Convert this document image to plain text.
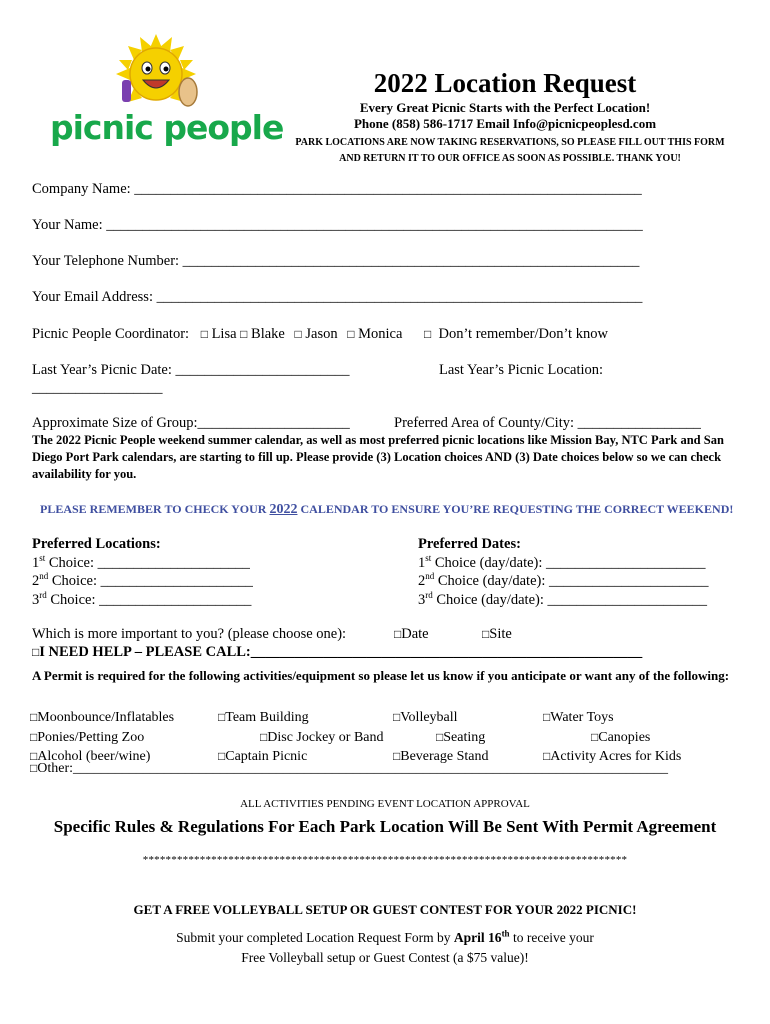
picnic people
2022 Location Request
Every Great Picnic Starts with the Perfect Location!
Phone (858) 586-1717 Email Info@picnicpeoplesd.com
PARK LOCATIONS ARE NOW TAKING RESERVATIONS, SO PLEASE FILL OUT THIS FORM
AND RETURN IT TO OUR OFFICE AS SOON AS POSSIBLE. THANK YOU!
Company Name: ______________________________________________________________________
Your Name: __________________________________________________________________________
Your Telephone Number: _______________________________________________________________
Your Email Address: ___________________________________________________________________
Picnic People Coordinator: □ Lisa □ Blake □ Jason □ Monica □ Don’t remember/Don’t know
Last Year’s Picnic Date: ________________________	Last Year’s Picnic Location:
__________________
Approximate Size of Group:_____________________	Preferred Area of County/City: _________________
The 2022 Picnic People weekend summer calendar, as well as most preferred picnic locations like Mission Bay, NTC Park and San Diego Port Park calendars, are starting to fill up. Please provide (3) Location choices AND (3) Date choices below so we can check availability for you.
PLEASE REMEMBER TO CHECK YOUR 2022 CALENDAR TO ENSURE YOU’RE REQUESTING THE CORRECT WEEKEND!
Preferred Locations:
1st Choice: _____________________
2nd Choice: _____________________
3rd Choice: _____________________
Preferred Dates:
1st Choice (day/date): ______________________
2nd Choice (day/date): ______________________
3rd Choice (day/date): ______________________
Which is more important to you? (please choose one):	□Date	□Site
□I NEED HELP – PLEASE CALL:______________________________________________________
A Permit is required for the following activities/equipment so please let us know if you anticipate or want any of the following:
□Moonbounce/Inflatables
□Ponies/Petting Zoo
□Alcohol (beer/wine)
□Team Building
□Disc Jockey or Band
□Captain Picnic
□Volleyball
□Seating
□Beverage Stand
□Water Toys
□Canopies
□Activity Acres for Kids
□Other:_____________________________________________________________________________________
ALL ACTIVITIES PENDING EVENT LOCATION APPROVAL
Specific Rules & Regulations For Each Park Location Will Be Sent With Permit Agreement
*************************************************************************************
GET A FREE VOLLEYBALL SETUP OR GUEST CONTEST FOR YOUR 2022 PICNIC!
Submit your completed Location Request Form by April 16th to receive your
Free Volleyball setup or Guest Contest (a $75 value)!
